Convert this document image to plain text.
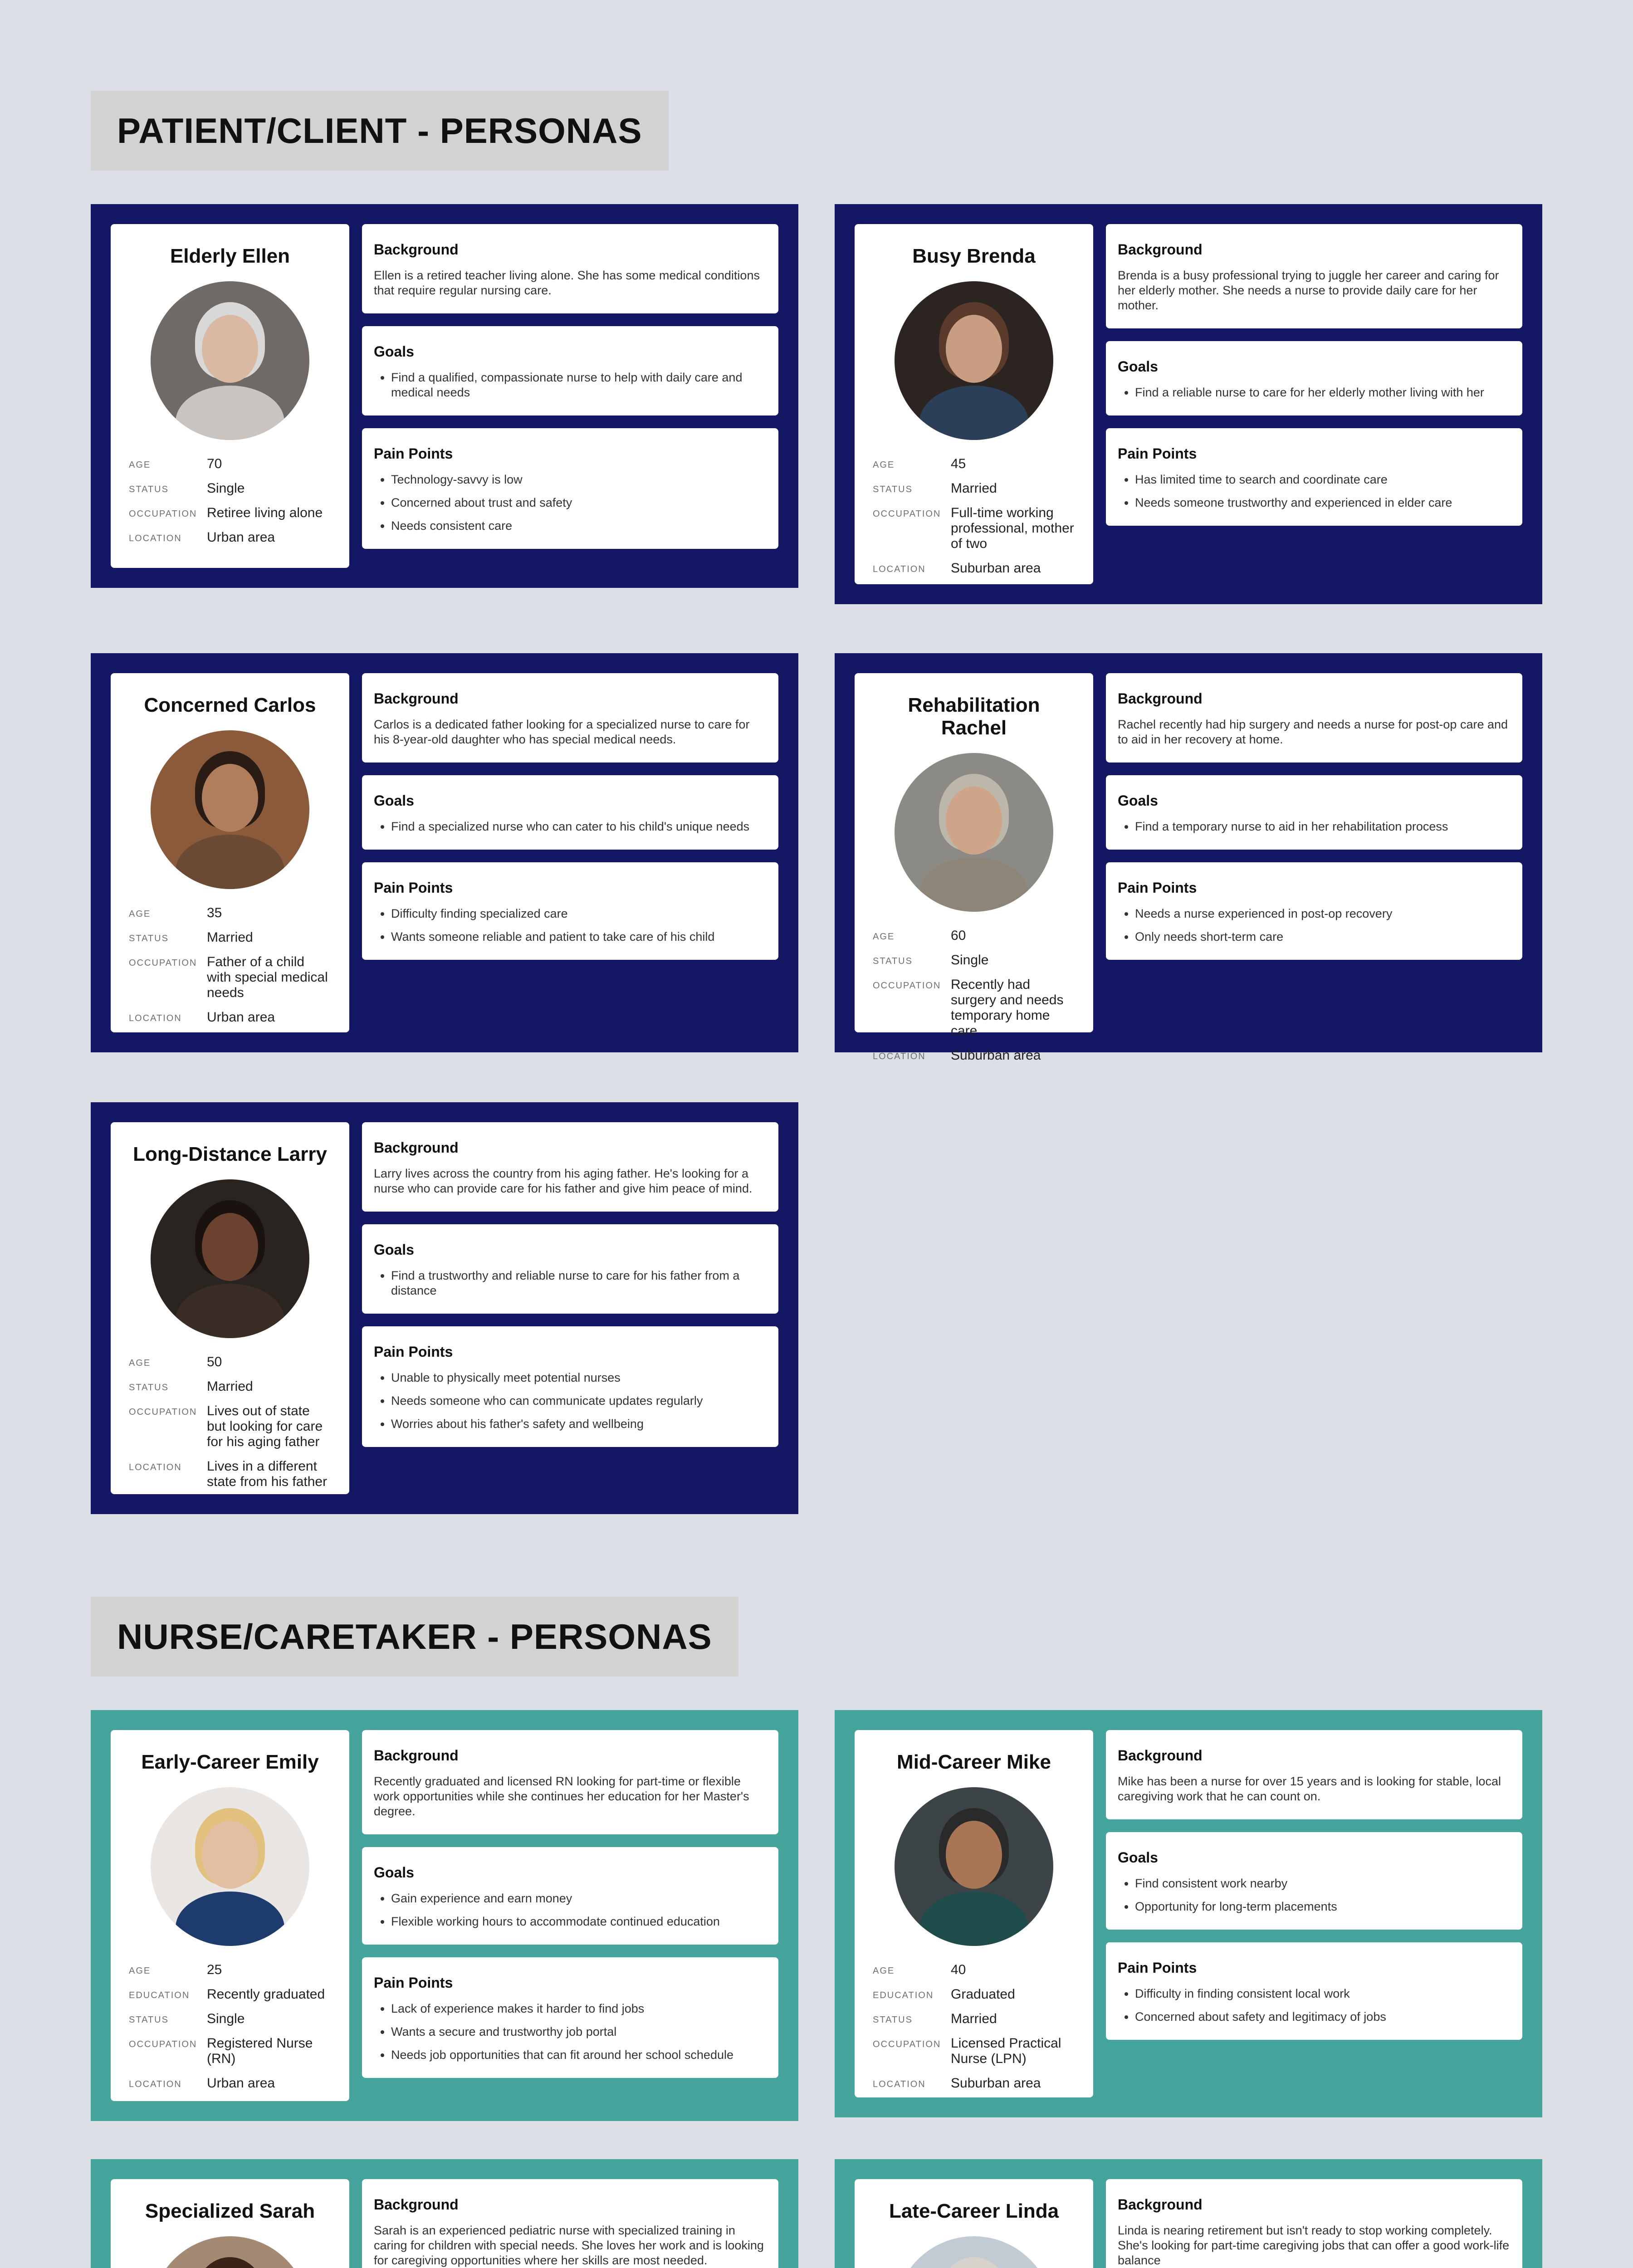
PATIENT/CLIENT - PERSONAS
Elderly Ellen
AGE	70
STATUS	Single
OCCUPATION Retiree living alone
LOCATION	Urban area
Background

Ellen is a retired teacher living alone. She has some medical conditions that require regular nursing care.

Goals
• Find a qualified, compassionate nurse to help with daily care and medical needs
Pain Points
• Technology-savvy is low
• Concerned about trust and safety
• Needs consistent care
Busy Brenda
AGE	45
STATUS	Married
OCCUPATION Full-time working professional, mother of two
LOCATION	Suburban area
Background

Brenda is a busy professional trying to juggle her career and caring for her elderly mother. She needs a nurse to provide daily care for her mother.

Goals
• Find a reliable nurse to care for her elderly mother living with her
Pain Points
• Has limited time to search and coordinate care
• Needs someone trustworthy and experienced in elder care
Concerned Carlos
AGE	35
STATUS	Married
OCCUPATION Father of a child with special medical needs
LOCATION	Urban area
Background

Carlos is a dedicated father looking for a specialized nurse to care for his 8-year-old daughter who has special medical needs.

Goals
• Find a specialized nurse who can cater to his child's unique needs
Pain Points
• Difficulty finding specialized care
• Wants someone reliable and patient to take care of his child
Rehabilitation Rachel
AGE	60
STATUS	Single
OCCUPATION Recently had surgery and needs temporary home care
LOCATION	Suburban area
Background

Rachel recently had hip surgery and needs a nurse for post-op care and to aid in her recovery at home.

Goals
• Find a temporary nurse to aid in her rehabilitation process
Pain Points
• Needs a nurse experienced in post-op recovery
• Only needs short-term care
Long-Distance Larry
AGE	50
STATUS	Married
OCCUPATION Lives out of state but looking for care for his aging father
LOCATION	Lives in a different state from his father
Background

Larry lives across the country from his aging father. He's looking for a nurse who can provide care for his father and give him peace of mind.

Goals
• Find a trustworthy and reliable nurse to care for his father from a distance
Pain Points
• Unable to physically meet potential nurses
• Needs someone who can communicate updates regularly
• Worries about his father's safety and wellbeing
NURSE/CARETAKER - PERSONAS
Early-Career Emily
AGE	25
EDUCATION	Recently graduated
STATUS	Single
OCCUPATION Registered Nurse (RN)
LOCATION	Urban area
Background

Recently graduated and licensed RN looking for part-time or flexible work opportunities while she continues her education for her Master's degree.

Goals
• Gain experience and earn money
• Flexible working hours to accommodate continued education
Pain Points
• Lack of experience makes it harder to find jobs
• Wants a secure and trustworthy job portal
• Needs job opportunities that can fit around her school schedule
Mid-Career Mike
AGE	40
EDUCATION	Graduated
STATUS	Married
OCCUPATION Licensed Practical Nurse (LPN)
LOCATION	Suburban area
Background

Mike has been a nurse for over 15 years and is looking for stable, local caregiving work that he can count on.

Goals
• Find consistent work nearby
• Opportunity for long-term placements
Pain Points
• Difficulty in finding consistent local work
• Concerned about safety and legitimacy of jobs
Specialized Sarah	Background

Sarah is an experienced pediatric nurse with specialized training in caring for children with special needs. She loves her work and is looking for caregiving opportunities where her skills are most needed.

Late-Career Linda	Background

Linda is nearing retirement but isn't ready to stop working completely. She's looking for part-time caregiving jobs that can offer a good work-life balance
